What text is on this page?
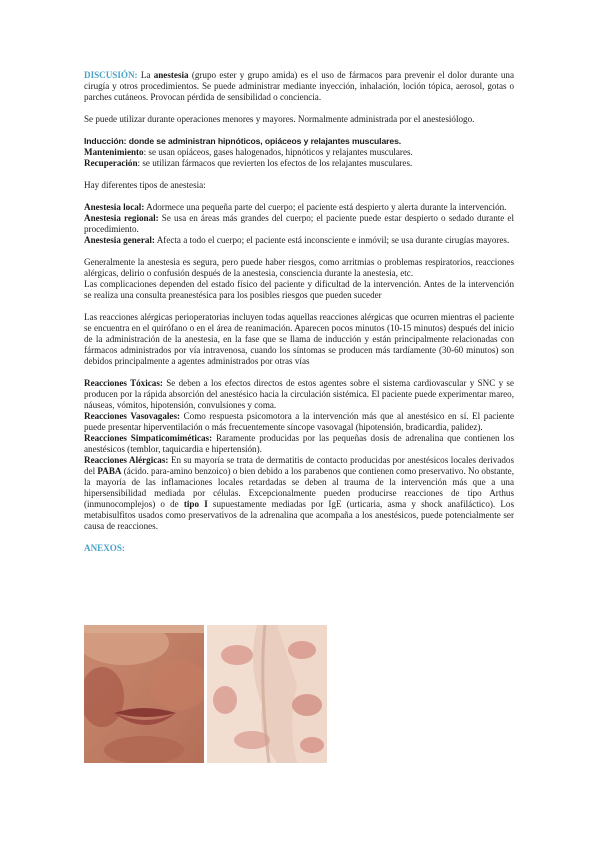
DISCUSIÓN: La anestesia (grupo ester y grupo amida) es el uso de fármacos para prevenir el dolor durante una cirugía y otros procedimientos. Se puede administrar mediante inyección, inhalación, loción tópica, aerosol, gotas o parches cutáneos. Provocan pérdida de sensibilidad o conciencia.

Se puede utilizar durante operaciones menores y mayores. Normalmente administrada por el anestesiólogo.

Inducción: donde se administran hipnóticos, opiáceos y relajantes musculares.

Mantenimiento: se usan opiáceos, gases halogenados, hipnóticos y relajantes musculares.

Recuperación: se utilizan fármacos que revierten los efectos de los relajantes musculares.

Hay diferentes tipos de anestesia:

Anestesia local: Adormece una pequeña parte del cuerpo; el paciente está despierto y alerta durante la intervención.

Anestesia regional: Se usa en áreas más grandes del cuerpo; el paciente puede estar despierto o sedado durante el procedimiento.

Anestesia general: Afecta a todo el cuerpo; el paciente está inconsciente e inmóvil; se usa durante cirugías mayores.

Generalmente la anestesia es segura, pero puede haber riesgos, como arritmias o problemas respiratorios, reacciones alérgicas, delirio o confusión después de la anestesia, consciencia durante la anestesia, etc.

Las complicaciones dependen del estado físico del paciente y dificultad de la intervención. Antes de la intervención se realiza una consulta preanestésica para los posibles riesgos que pueden suceder

Las reacciones alérgicas perioperatorias incluyen todas aquellas reacciones alérgicas que ocurren mientras el paciente se encuentra en el quirófano o en el área de reanimación. Aparecen pocos minutos (10-15 minutos) después del inicio de la administración de la anestesia, en la fase que se llama de inducción y están principalmente relacionadas con fármacos administrados por vía intravenosa, cuando los síntomas se producen más tardíamente (30-60 minutos) son debidos principalmente a agentes administrados por otras vías

Reacciones Tóxicas: Se deben a los efectos directos de estos agentes sobre el sistema cardiovascular y SNC y se producen por la rápida absorción del anestésico hacia la circulación sistémica. El paciente puede experimentar mareo, náuseas, vómitos, hipotensión, convulsiones y coma.

Reacciones Vasovagales: Como respuesta psicomotora a la intervención más que al anestésico en sí. El paciente puede presentar hiperventilación o más frecuentemente síncope vasovagal (hipotensión, bradicardia, palidez).

Reacciones Simpaticomiméticas: Raramente producidas por las pequeñas dosis de adrenalina que contienen los anestésicos (temblor, taquicardia e hipertensión).

Reacciones Alérgicas: En su mayoría se trata de dermatitis de contacto producidas por anestésicos locales derivados del PABA (ácido. para-amino benzoico) o bien debido a los parabenos que contienen como preservativo. No obstante, la mayoría de las inflamaciones locales retardadas se deben al trauma de la intervención más que a una hipersensibilidad mediada por células. Excepcionalmente pueden producirse reacciones de tipo Arthus (inmunocomplejos) o de tipo I supuestamente mediadas por IgE (urticaria, asma y shock anafiláctico). Los metabisulfitos usados como preservativos de la adrenalina que acompaña a los anestésicos, puede potencialmente ser causa de reacciones.

ANEXOS:
